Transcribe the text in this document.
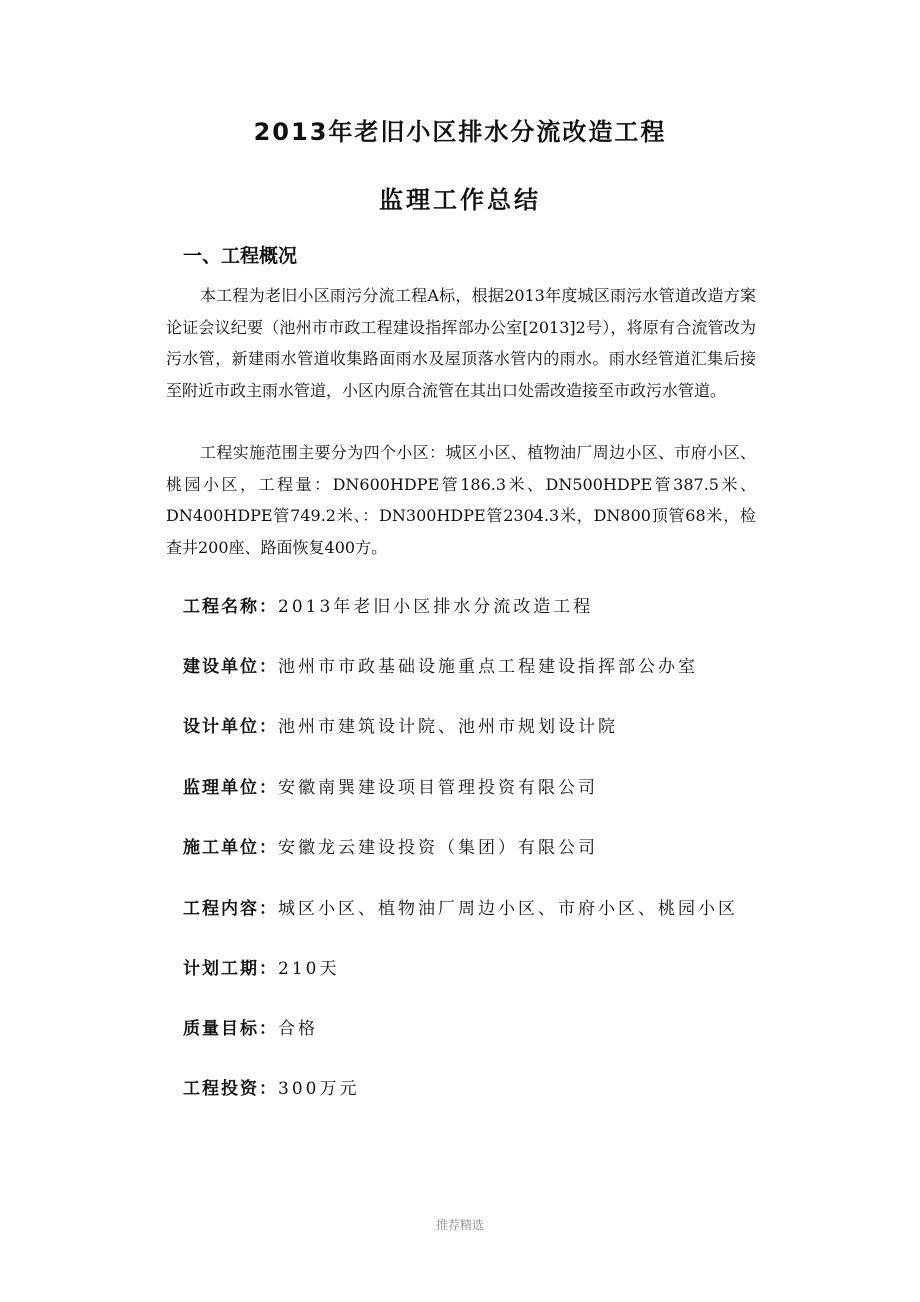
2013年老旧小区排水分流改造工程
监理工作总结
一、工程概况
本工程为老旧小区雨污分流工程A标，根据2013年度城区雨污水管道改造方案论证会议纪要（池州市市政工程建设指挥部办公室[2013]2号），将原有合流管改为污水管，新建雨水管道收集路面雨水及屋顶落水管内的雨水。雨水经管道汇集后接至附近市政主雨水管道，小区内原合流管在其出口处需改造接至市政污水管道。
工程实施范围主要分为四个小区：城区小区、植物油厂周边小区、市府小区、桃园小区，工程量：DN600HDPE管186.3米、DN500HDPE管387.5米、DN400HDPE管749.2米、：DN300HDPE管2304.3米，DN800顶管68米，检查井200座、路面恢复400方。
工程名称：2013年老旧小区排水分流改造工程
建设单位：池州市市政基础设施重点工程建设指挥部公办室
设计单位：池州市建筑设计院、池州市规划设计院
监理单位：安徽南巽建设项目管理投资有限公司
施工单位：安徽龙云建设投资（集团）有限公司
工程内容：城区小区、植物油厂周边小区、市府小区、桃园小区
计划工期：210天
质量目标：合格
工程投资：300万元
推荐精选
